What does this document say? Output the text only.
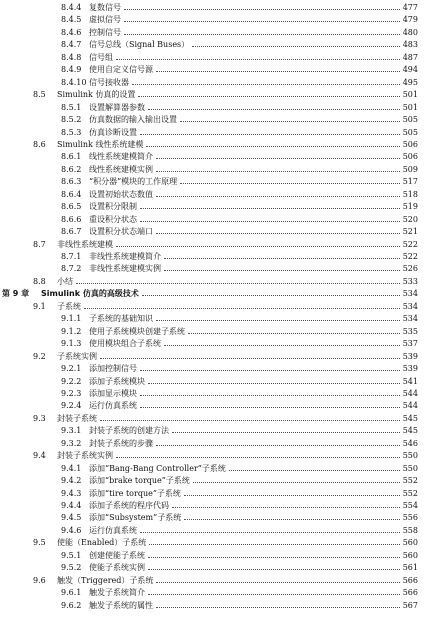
8.4.4 复数信号	477
8.4.5 虚拟信号	479
8.4.6 控制信号	480
8.4.7 信号总线（Signal Buses）	483
8.4.8 信号组	487
8.4.9 使用自定义信号源	494
8.4.10 信号接收器	495
8.5 Simulink 仿真的设置	501
8.5.1 设置解算器参数	501
8.5.2 仿真数据的输入输出设置	505
8.5.3 仿真诊断设置	505
8.6 Simulink 线性系统建模	506
8.6.1 线性系统建模简介	506
8.6.2 线性系统建模实例	509
8.6.3 “积分器”模块的工作原理	517
8.6.4 设置初始状态数值	518
8.6.5 设置积分限制	519
8.6.6 重设积分状态	520
8.6.7 设置积分状态端口	521
8.7 非线性系统建模	522
8.7.1 非线性系统建模简介	522
8.7.2 非线性系统建模实例	526
8.8 小结	533
第 9 章 Simulink 仿真的高级技术	534
9.1 子系统	534
9.1.1 子系统的基础知识	534
9.1.2 使用子系统模块创建子系统	535
9.1.3 使用模块组合子系统	537
9.2 子系统实例	539
9.2.1 添加控制信号	539
9.2.2 添加子系统模块	541
9.2.3 添加显示模块	544
9.2.4 运行仿真系统	544
9.3 封装子系统	545
9.3.1 封装子系统的创建方法	545
9.3.2 封装子系统的步骤	546
9.4 封装子系统实例	550
9.4.1 添加“Bang-Bang Controller”子系统	550
9.4.2 添加“brake torque”子系统	552
9.4.3 添加“tire torque”子系统	552
9.4.4 添加子系统的程序代码	554
9.4.5 添加“Subsystem”子系统	556
9.4.6 运行仿真系统	558
9.5 使能（Enabled）子系统	560
9.5.1 创建使能子系统	560
9.5.2 使能子系统实例	561
9.6 触发（Triggered）子系统	566
9.6.1 触发子系统简介	566
9.6.2 触发子系统的属性	567
